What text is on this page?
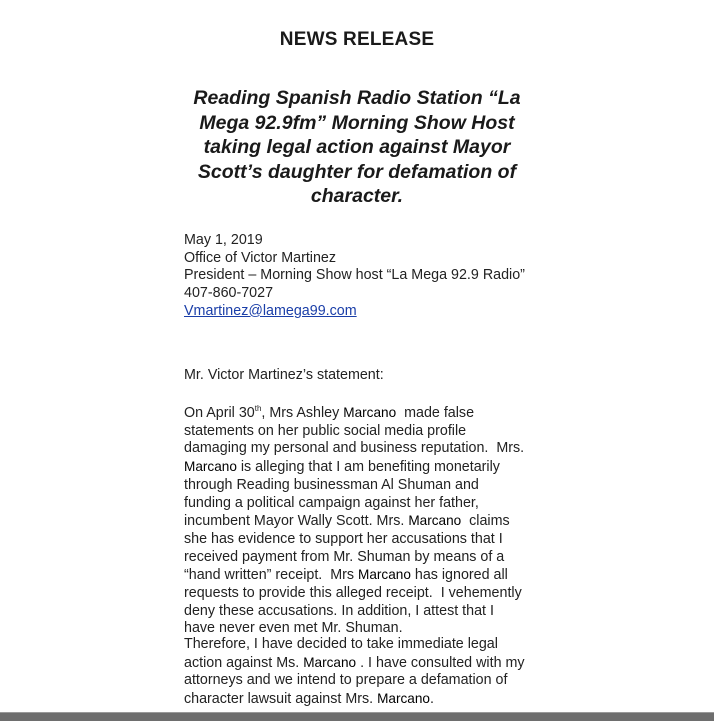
NEWS RELEASE
Reading Spanish Radio Station “La
Mega 92.9fm” Morning Show Host
taking legal action against Mayor
Scott’s daughter for defamation of
character.
May 1, 2019
Office of Victor Martinez
President – Morning Show host “La Mega 92.9 Radio”
407-860-7027
Vmartinez@lamega99.com
Mr. Victor Martinez’s statement:
On April 30th, Mrs Ashley Marcano  made false
statements on her public social media profile
damaging my personal and business reputation.  Mrs.
Marcano is alleging that I am benefiting monetarily
through Reading businessman Al Shuman and
funding a political campaign against her father,
incumbent Mayor Wally Scott. Mrs. Marcano  claims
she has evidence to support her accusations that I
received payment from Mr. Shuman by means of a
“hand written” receipt.  Mrs Marcano has ignored all
requests to provide this alleged receipt.  I vehemently
deny these accusations. In addition, I attest that I
have never even met Mr. Shuman.
Therefore, I have decided to take immediate legal
action against Ms. Marcano . I have consulted with my
attorneys and we intend to prepare a defamation of
character lawsuit against Mrs. Marcano.
